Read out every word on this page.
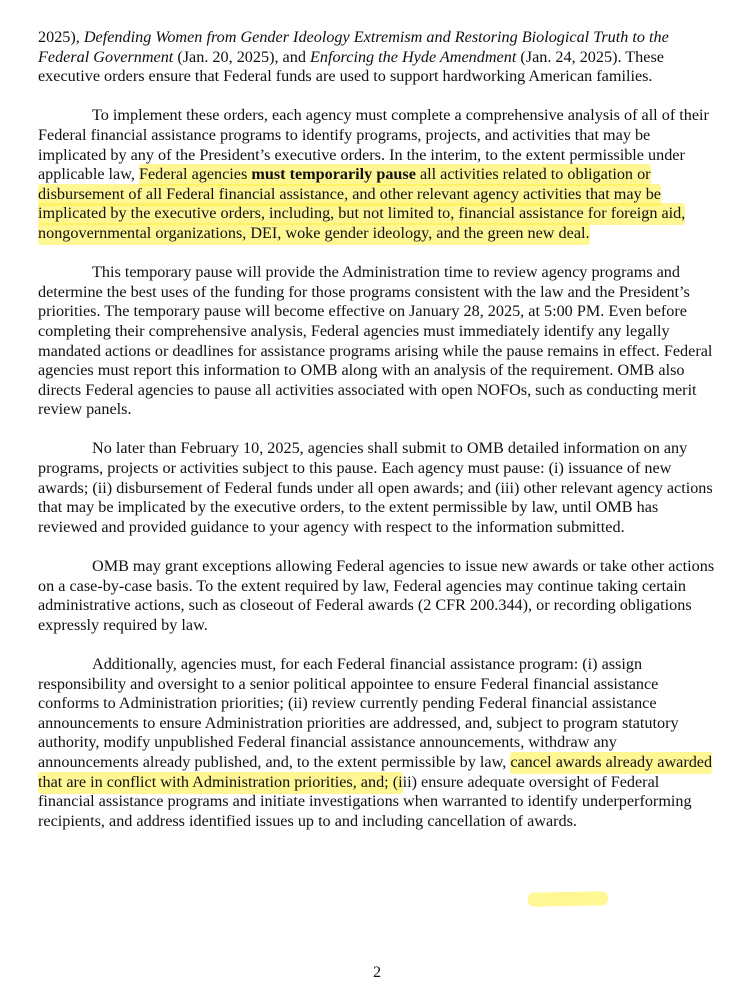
2025), Defending Women from Gender Ideology Extremism and Restoring Biological Truth to the Federal Government (Jan. 20, 2025), and Enforcing the Hyde Amendment (Jan. 24, 2025). These executive orders ensure that Federal funds are used to support hardworking American families.

To implement these orders, each agency must complete a comprehensive analysis of all of their Federal financial assistance programs to identify programs, projects, and activities that may be implicated by any of the President’s executive orders. In the interim, to the extent permissible under applicable law, Federal agencies must temporarily pause all activities related to obligation or disbursement of all Federal financial assistance, and other relevant agency activities that may be implicated by the executive orders, including, but not limited to, financial assistance for foreign aid, nongovernmental organizations, DEI, woke gender ideology, and the green new deal.

This temporary pause will provide the Administration time to review agency programs and determine the best uses of the funding for those programs consistent with the law and the President’s priorities. The temporary pause will become effective on January 28, 2025, at 5:00 PM. Even before completing their comprehensive analysis, Federal agencies must immediately identify any legally mandated actions or deadlines for assistance programs arising while the pause remains in effect. Federal agencies must report this information to OMB along with an analysis of the requirement. OMB also directs Federal agencies to pause all activities associated with open NOFOs, such as conducting merit review panels.

No later than February 10, 2025, agencies shall submit to OMB detailed information on any programs, projects or activities subject to this pause. Each agency must pause: (i) issuance of new awards; (ii) disbursement of Federal funds under all open awards; and (iii) other relevant agency actions that may be implicated by the executive orders, to the extent permissible by law, until OMB has reviewed and provided guidance to your agency with respect to the information submitted.

OMB may grant exceptions allowing Federal agencies to issue new awards or take other actions on a case-by-case basis. To the extent required by law, Federal agencies may continue taking certain administrative actions, such as closeout of Federal awards (2 CFR 200.344), or recording obligations expressly required by law.

Additionally, agencies must, for each Federal financial assistance program: (i) assign responsibility and oversight to a senior political appointee to ensure Federal financial assistance conforms to Administration priorities; (ii) review currently pending Federal financial assistance announcements to ensure Administration priorities are addressed, and, subject to program statutory authority, modify unpublished Federal financial assistance announcements, withdraw any announcements already published, and, to the extent permissible by law, cancel awards already awarded that are in conflict with Administration priorities, and; (iii) ensure adequate oversight of Federal financial assistance programs and initiate investigations when warranted to identify underperforming recipients, and address identified issues up to and including cancellation of awards.

2
